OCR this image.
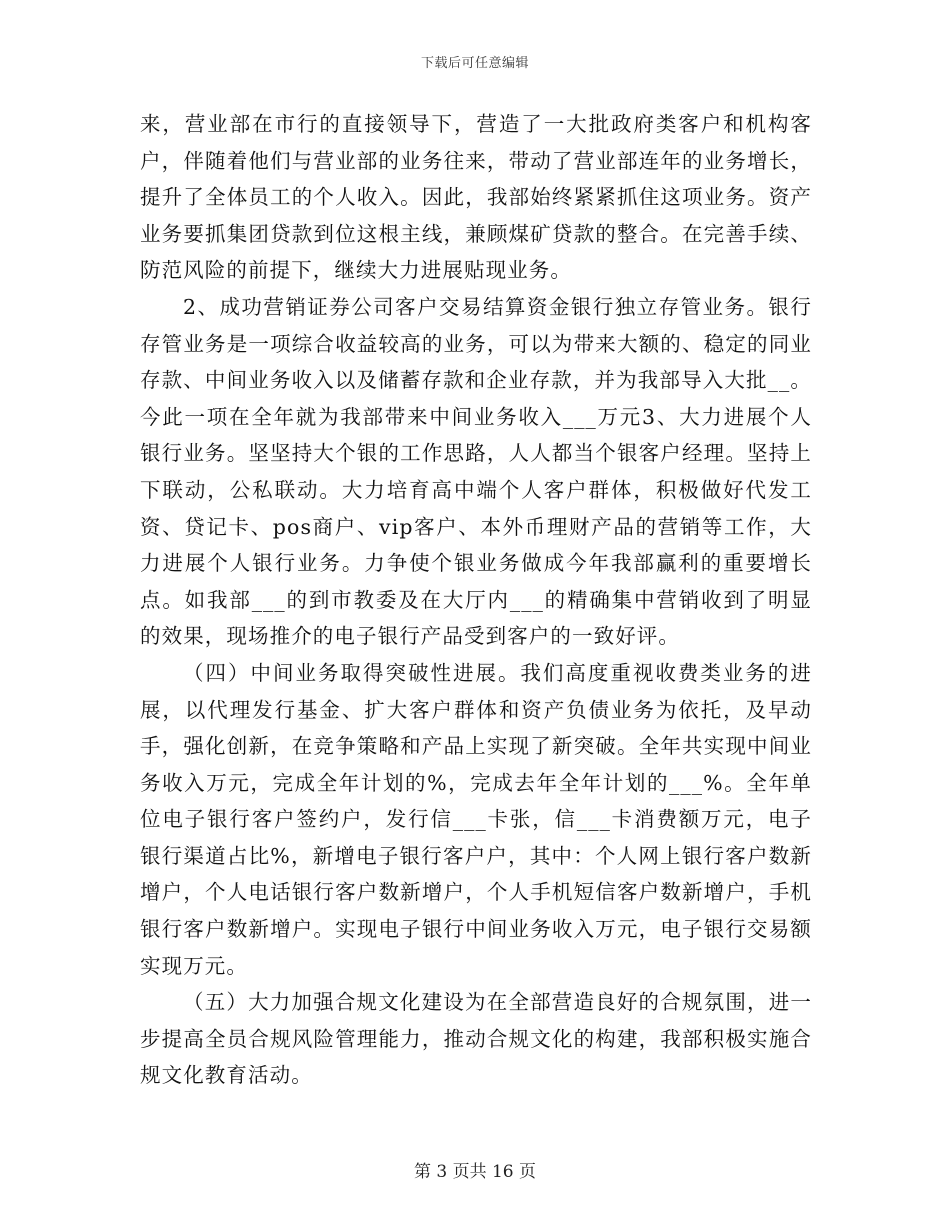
下载后可任意编辑

来，营业部在市行的直接领导下，营造了一大批政府类客户和机构客户，伴随着他们与营业部的业务往来，带动了营业部连年的业务增长，提升了全体员工的个人收入。因此，我部始终紧紧抓住这项业务。资产业务要抓集团贷款到位这根主线，兼顾煤矿贷款的整合。在完善手续、防范风险的前提下，继续大力进展贴现业务。

2、成功营销证券公司客户交易结算资金银行独立存管业务。银行存管业务是一项综合收益较高的业务，可以为带来大额的、稳定的同业存款、中间业务收入以及储蓄存款和企业存款，并为我部导入大批__。今此一项在全年就为我部带来中间业务收入___万元3、大力进展个人银行业务。坚坚持大个银的工作思路，人人都当个银客户经理。坚持上下联动，公私联动。大力培育高中端个人客户群体，积极做好代发工资、贷记卡、pos商户、vip客户、本外币理财产品的营销等工作，大力进展个人银行业务。力争使个银业务做成今年我部赢利的重要增长点。如我部___的到市教委及在大厅内___的精确集中营销收到了明显的效果，现场推介的电子银行产品受到客户的一致好评。

（四）中间业务取得突破性进展。我们高度重视收费类业务的进展，以代理发行基金、扩大客户群体和资产负债业务为依托，及早动手，强化创新，在竞争策略和产品上实现了新突破。全年共实现中间业务收入万元，完成全年计划的%，完成去年全年计划的___%。全年单位电子银行客户签约户，发行信___卡张，信___卡消费额万元，电子银行渠道占比%，新增电子银行客户户，其中：个人网上银行客户数新增户，个人电话银行客户数新增户，个人手机短信客户数新增户，手机银行客户数新增户。实现电子银行中间业务收入万元，电子银行交易额实现万元。

（五）大力加强合规文化建设为在全部营造良好的合规氛围，进一步提高全员合规风险管理能力，推动合规文化的构建，我部积极实施合规文化教育活动。

第 3 页共 16 页
